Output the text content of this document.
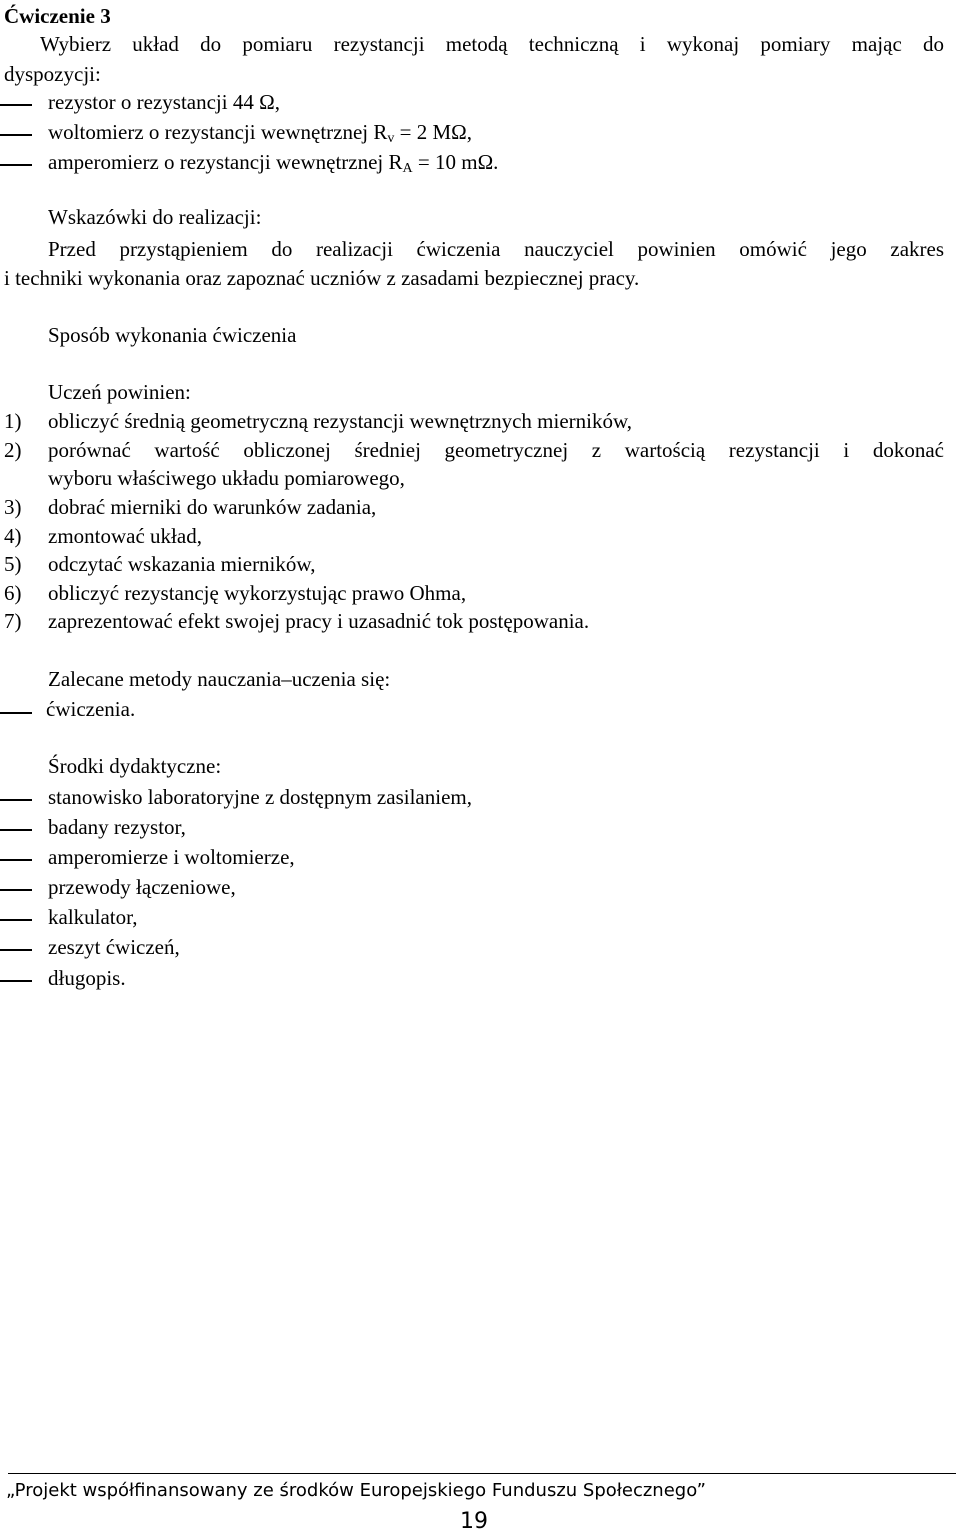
Ćwiczenie 3
Wybierz układ do pomiaru rezystancji metodą techniczną i wykonaj pomiary mając do
dyspozycji:
rezystor o rezystancji 44 Ω,
woltomierz o rezystancji wewnętrznej $R_v = 2$ MΩ,
amperomierz o rezystancji wewnętrznej $R_A = 10$ mΩ.
Wskazówki do realizacji:
Przed przystąpieniem do realizacji ćwiczenia nauczyciel powinien omówić jego zakres
i techniki wykonania oraz zapoznać uczniów z zasadami bezpiecznej pracy.
Sposób wykonania ćwiczenia
Uczeń powinien:
1) obliczyć średnią geometryczną rezystancji wewnętrznych mierników,
2) porównać wartość obliczonej średniej geometrycznej z wartością rezystancji i dokonać
wyboru właściwego układu pomiarowego,
3) dobrać mierniki do warunków zadania,
4) zmontować układ,
5) odczytać wskazania mierników,
6) obliczyć rezystancję wykorzystując prawo Ohma,
7) zaprezentować efekt swojej pracy i uzasadnić tok postępowania.
Zalecane metody nauczania–uczenia się:
ćwiczenia.
Środki dydaktyczne:
stanowisko laboratoryjne z dostępnym zasilaniem,
badany rezystor,
amperomierze i woltomierze,
przewody łączeniowe,
kalkulator,
zeszyt ćwiczeń,
długopis.
„Projekt współfinansowany ze środków Europejskiego Funduszu Społecznego”
19
